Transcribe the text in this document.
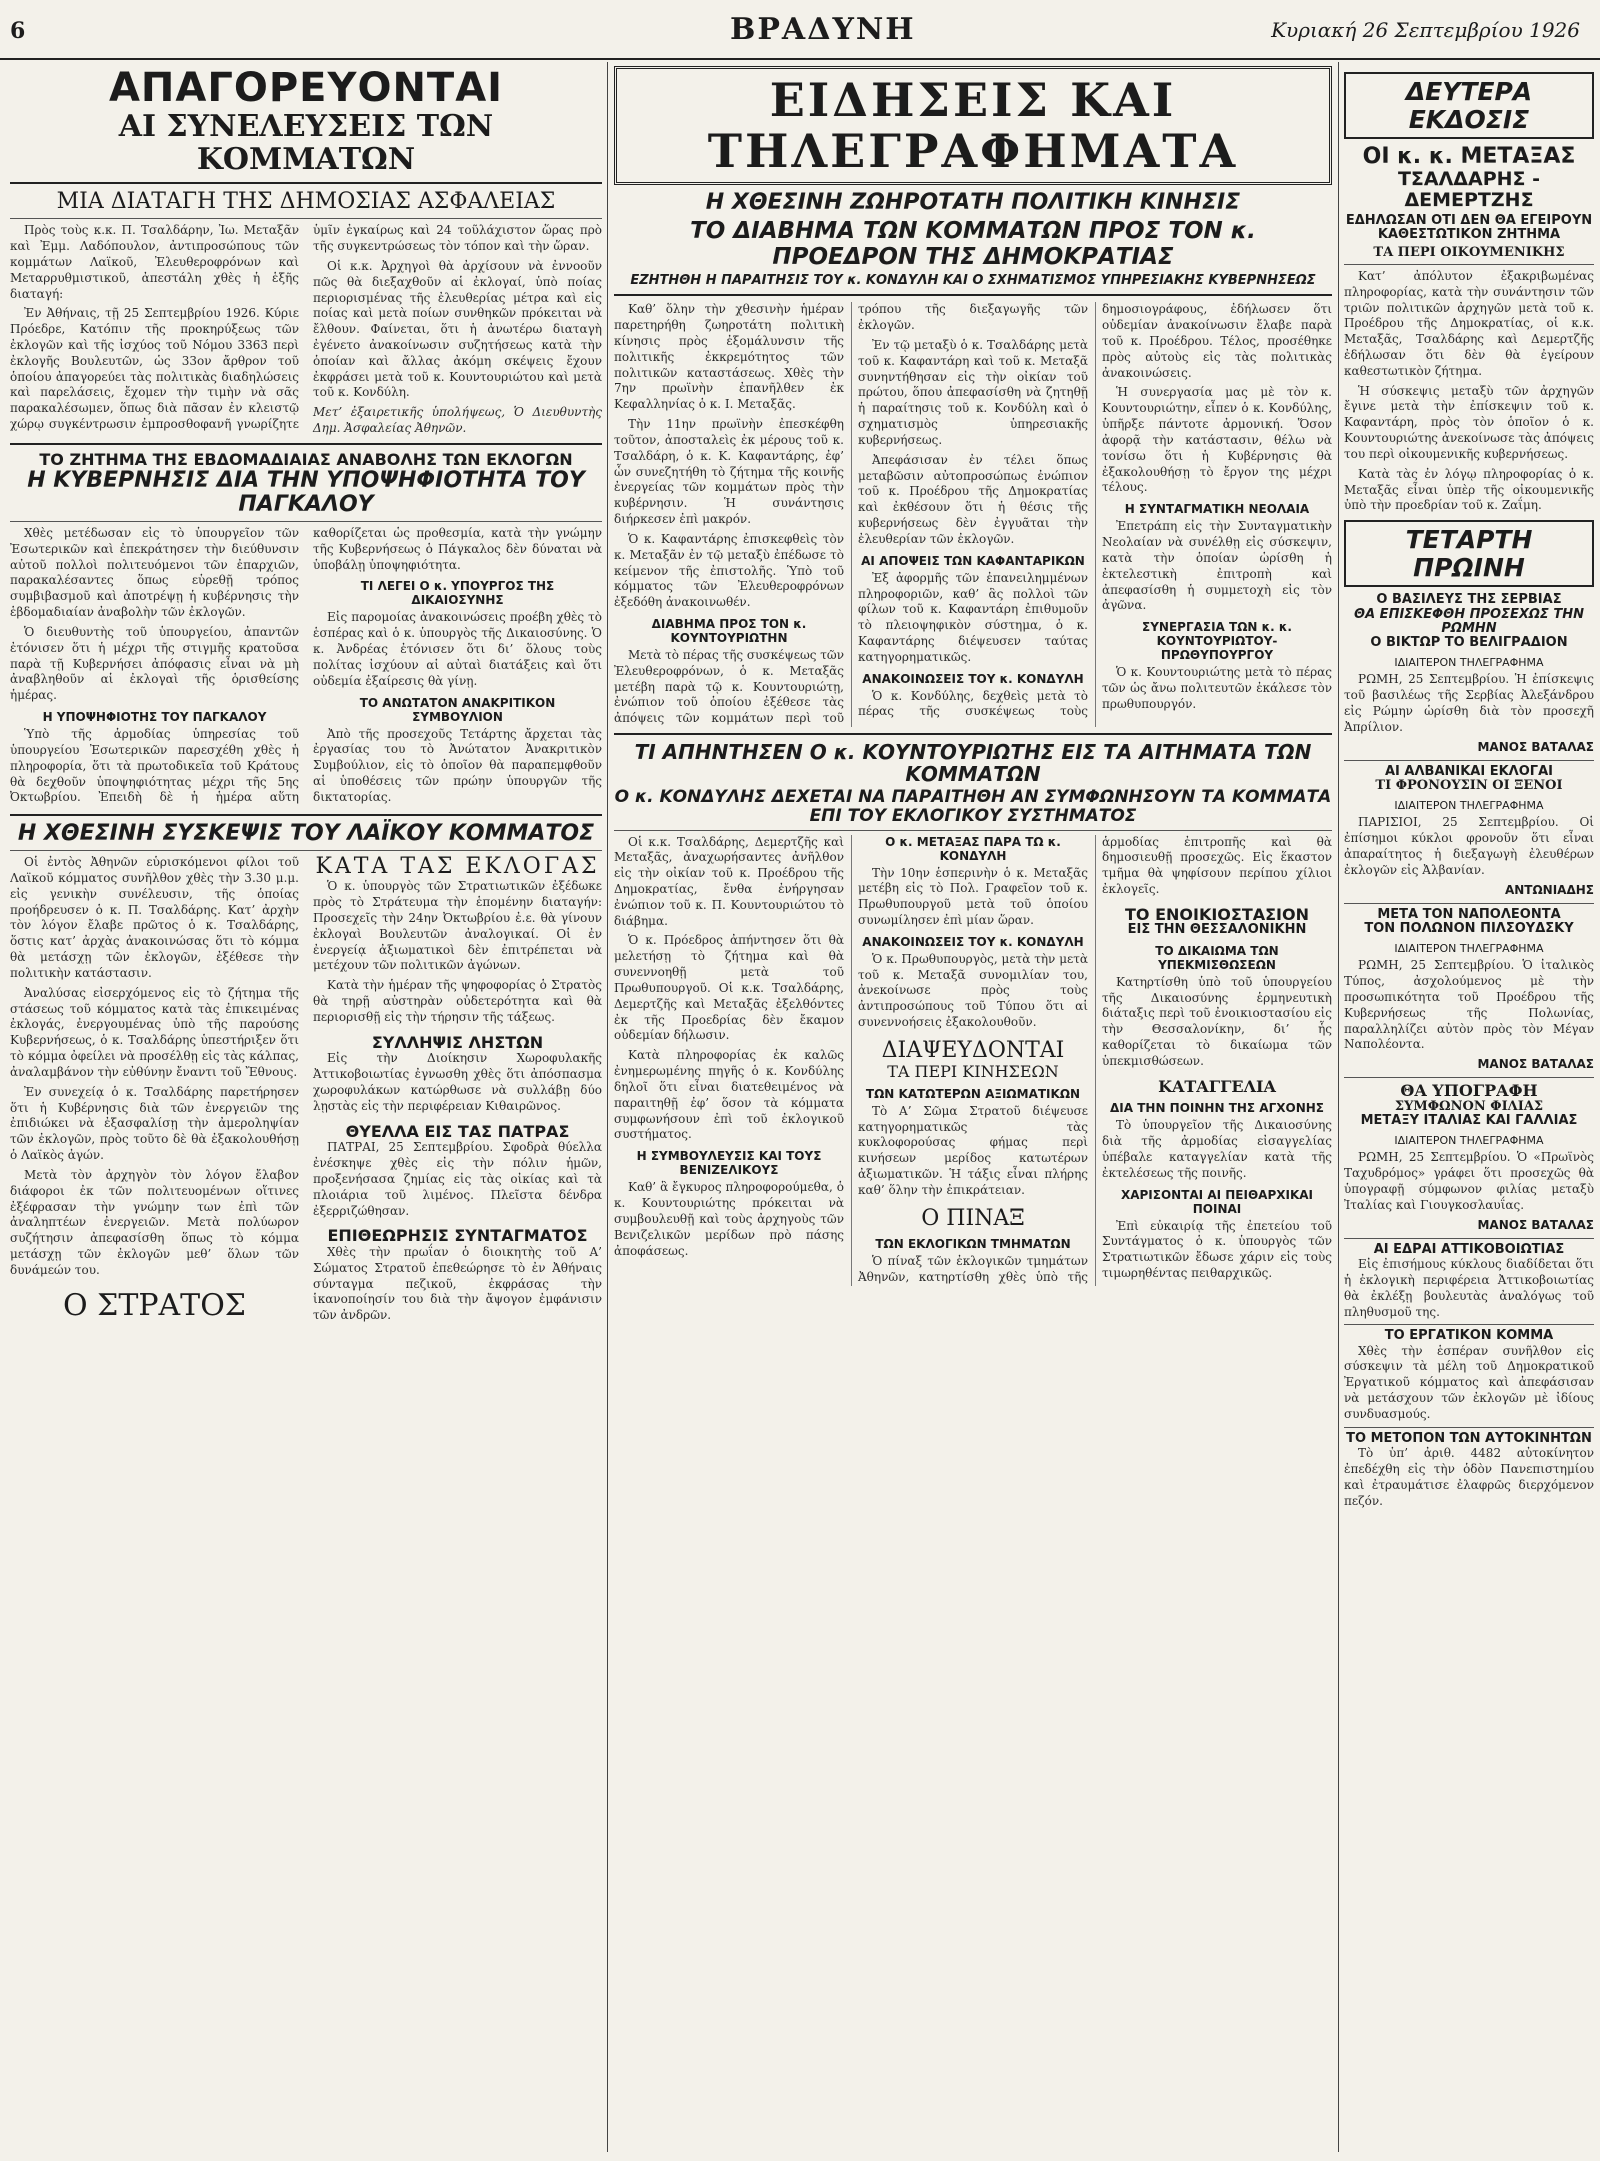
6	ΒΡΑΔΥΝΗ	Κυριακή 26 Σεπτεμβρίου 1926
ΑΠΑΓΟΡΕΥΟΝΤΑΙ
ΑΙ ΣΥΝΕΛΕΥΣΕΙΣ ΤΩΝ ΚΟΜΜΑΤΩΝ
ΜΙΑ ΔΙΑΤΑΓΗ ΤΗΣ ΔΗΜΟΣΙΑΣ ΑΣΦΑΛΕΙΑΣ

Πρὸς τοὺς κ.κ. Π. Τσαλδάρην, Ἰω. Μεταξᾶν καὶ Ἐμμ. Λαδόπουλον, ἀντιπροσώπους τῶν κομμάτων Λαϊκοῦ, Ἐλευθεροφρόνων καὶ Μεταρρυθμιστικοῦ, ἀπεστάλη χθὲς ἡ ἑξῆς διαταγή:

Ἐν Ἀθήναις, τῇ 25 Σεπτεμβρίου 1926. Κύριε Πρόεδρε, Κατόπιν τῆς προκηρύξεως τῶν ἐκλογῶν καὶ τῆς ἰσχύος τοῦ Νόμου 3363 περὶ ἐκλογῆς Βουλευτῶν, ὡς 33ον ἄρθρον τοῦ ὁποίου ἀπαγορεύει τὰς πολιτικὰς διαδηλώσεις καὶ παρελάσεις, ἔχομεν τὴν τιμὴν νὰ σᾶς παρακαλέσωμεν, ὅπως διὰ πᾶσαν ἐν κλειστῷ χώρῳ συγκέντρωσιν ἐμπροσθοφανῆ γνωρίζητε ὑμῖν ἐγκαίρως καὶ 24 τοῦλάχιστον ὥρας πρὸ τῆς συγκεντρώσεως τὸν τόπον καὶ τὴν ὥραν.

Οἱ κ.κ. Ἀρχηγοὶ θὰ ἀρχίσουν νὰ ἐννοοῦν πῶς θὰ διεξαχθοῦν αἱ ἐκλογαί, ὑπὸ ποίας περιορισμένας τῆς ἐλευθερίας μέτρα καὶ εἰς ποίας καὶ μετὰ ποίων συνθηκῶν πρόκειται νὰ ἔλθουν. Φαίνεται, ὅτι ἡ ἀνωτέρω διαταγὴ ἐγένετο ἀνακοίνωσιν συζητήσεως κατὰ τὴν ὁποίαν καὶ ἄλλας ἀκόμη σκέψεις ἔχουν ἐκφράσει μετὰ τοῦ κ. Κουντουριώτου καὶ μετὰ τοῦ κ. Κονδύλη.

Μετ’ ἐξαιρετικῆς ὑπολήψεως, Ὁ Διευθυντὴς Δημ. Ἀσφαλείας Ἀθηνῶν.

ΤΟ ΖΗΤΗΜΑ ΤΗΣ ΕΒΔΟΜΑΔΙΑΙΑΣ ΑΝΑΒΟΛΗΣ ΤΩΝ ΕΚΛΟΓΩΝ
Η ΚΥΒΕΡΝΗΣΙΣ ΔΙΑ ΤΗΝ ΥΠΟΨΗΦΙΟΤΗΤΑ ΤΟΥ ΠΑΓΚΑΛΟΥ

Χθὲς μετέδωσαν εἰς τὸ ὑπουργεῖον τῶν Ἐσωτερικῶν καὶ ἐπεκράτησεν τὴν διεύθυνσιν αὐτοῦ πολλοὶ πολιτευόμενοι τῶν ἐπαρχιῶν, παρακαλέσαντες ὅπως εὑρεθῇ τρόπος συμβιβασμοῦ καὶ ἀποτρέψῃ ἡ κυβέρνησις τὴν ἑβδομαδιαίαν ἀναβολὴν τῶν ἐκλογῶν.

Ὁ διευθυντὴς τοῦ ὑπουργείου, ἀπαντῶν ἐτόνισεν ὅτι ἡ μέχρι τῆς στιγμῆς κρατοῦσα παρὰ τῇ Κυβερνήσει ἀπόφασις εἶναι νὰ μὴ ἀναβληθοῦν αἱ ἐκλογαὶ τῆς ὁρισθείσης ἡμέρας.

Η ΥΠΟΨΗΦΙΟΤΗΣ ΤΟΥ ΠΑΓΚΑΛΟΥ

Ὑπὸ τῆς ἁρμοδίας ὑπηρεσίας τοῦ ὑπουργείου Ἐσωτερικῶν παρεσχέθη χθὲς ἡ πληροφορία, ὅτι τὰ πρωτοδικεῖα τοῦ Κράτους θὰ δεχθοῦν ὑποψηφιότητας μέχρι τῆς 5ης Ὀκτωβρίου. Ἐπειδὴ δὲ ἡ ἡμέρα αὕτη καθορίζεται ὡς προθεσμία, κατὰ τὴν γνώμην τῆς Κυβερνήσεως ὁ Πάγκαλος δὲν δύναται νὰ ὑποβάλῃ ὑποψηφιότητα.

ΤΙ ΛΕΓΕΙ Ο κ. ΥΠΟΥΡΓΟΣ ΤΗΣ ΔΙΚΑΙΟΣΥΝΗΣ

Εἰς παρομοίας ἀνακοινώσεις προέβη χθὲς τὸ ἑσπέρας καὶ ὁ κ. ὑπουργὸς τῆς Δικαιοσύνης. Ὁ κ. Ἀνδρέας ἐτόνισεν ὅτι δι’ ὅλους τοὺς πολίτας ἰσχύουν αἱ αὐταὶ διατάξεις καὶ ὅτι οὐδεμία ἐξαίρεσις θὰ γίνῃ.

ΤΟ ΑΝΩΤΑΤΟΝ ΑΝΑΚΡΙΤΙΚΟΝ ΣΥΜΒΟΥΛΙΟΝ

Ἀπὸ τῆς προσεχοῦς Τετάρτης ἄρχεται τὰς ἐργασίας του τὸ Ἀνώτατον Ἀνακριτικὸν Συμβούλιον, εἰς τὸ ὁποῖον θὰ παραπεμφθοῦν αἱ ὑποθέσεις τῶν πρώην ὑπουργῶν τῆς δικτατορίας.

Η ΧΘΕΣΙΝΗ ΣΥΣΚΕΨΙΣ ΤΟΥ ΛΑΪΚΟΥ ΚΟΜΜΑΤΟΣ

Οἱ ἐντὸς Ἀθηνῶν εὑρισκόμενοι φίλοι τοῦ Λαϊκοῦ κόμματος συνῆλθον χθὲς τὴν 3.30 μ.μ. εἰς γενικὴν συνέλευσιν, τῆς ὁποίας προήδρευσεν ὁ κ. Π. Τσαλδάρης. Κατ’ ἀρχὴν τὸν λόγον ἔλαβε πρῶτος ὁ κ. Τσαλδάρης, ὅστις κατ’ ἀρχὰς ἀνακοινώσας ὅτι τὸ κόμμα θὰ μετάσχῃ τῶν ἐκλογῶν, ἐξέθεσε τὴν πολιτικὴν κατάστασιν.

Ἀναλύσας εἰσερχόμενος εἰς τὸ ζήτημα τῆς στάσεως τοῦ κόμματος κατὰ τὰς ἐπικειμένας ἐκλογάς, ἐνεργουμένας ὑπὸ τῆς παρούσης Κυβερνήσεως, ὁ κ. Τσαλδάρης ὑπεστήριξεν ὅτι τὸ κόμμα ὀφείλει νὰ προσέλθῃ εἰς τὰς κάλπας, ἀναλαμβάνον τὴν εὐθύνην ἔναντι τοῦ Ἔθνους.

Ἐν συνεχείᾳ ὁ κ. Τσαλδάρης παρετήρησεν ὅτι ἡ Κυβέρνησις διὰ τῶν ἐνεργειῶν της ἐπιδιώκει νὰ ἐξασφαλίσῃ τὴν ἀμεροληψίαν τῶν ἐκλογῶν, πρὸς τοῦτο δὲ θὰ ἐξακολουθήσῃ ὁ Λαϊκὸς ἀγών.

Μετὰ τὸν ἀρχηγὸν τὸν λόγον ἔλαβον διάφοροι ἐκ τῶν πολιτευομένων οἵτινες ἐξέφρασαν τὴν γνώμην των ἐπὶ τῶν ἀναληπτέων ἐνεργειῶν. Μετὰ πολύωρον συζήτησιν ἀπεφασίσθη ὅπως τὸ κόμμα μετάσχῃ τῶν ἐκλογῶν μεθ’ ὅλων τῶν δυνάμεών του.

Ο ΣΤΡΑΤΟΣ
ΚΑΤΑ ΤΑΣ ΕΚΛΟΓΑΣ

Ὁ κ. ὑπουργὸς τῶν Στρατιωτικῶν ἐξέδωκε πρὸς τὸ Στράτευμα τὴν ἑπομένην διαταγήν: Προσεχεῖς τὴν 24ην Ὀκτωβρίου ἐ.ε. θὰ γίνουν ἐκλογαὶ Βουλευτῶν ἀναλογικαί. Οἱ ἐν ἐνεργείᾳ ἀξιωματικοὶ δὲν ἐπιτρέπεται νὰ μετέχουν τῶν πολιτικῶν ἀγώνων.

Κατὰ τὴν ἡμέραν τῆς ψηφοφορίας ὁ Στρατὸς θὰ τηρῇ αὐστηρὰν οὐδετερότητα καὶ θὰ περιορισθῇ εἰς τὴν τήρησιν τῆς τάξεως.

ΣΥΛΛΗΨΙΣ ΛΗΣΤΩΝ

Εἰς τὴν Διοίκησιν Χωροφυλακῆς Ἀττικοβοιωτίας ἐγνωσθη χθὲς ὅτι ἀπόσπασμα χωροφυλάκων κατώρθωσε νὰ συλλάβῃ δύο λῃστὰς εἰς τὴν περιφέρειαν Κιθαιρῶνος.

ΘΥΕΛΛΑ ΕΙΣ ΤΑΣ ΠΑΤΡΑΣ

ΠΑΤΡΑΙ, 25 Σεπτεμβρίου. Σφοδρὰ θύελλα ἐνέσκηψε χθὲς εἰς τὴν πόλιν ἡμῶν, προξενήσασα ζημίας εἰς τὰς οἰκίας καὶ τὰ πλοιάρια τοῦ λιμένος. Πλεῖστα δένδρα ἐξερριζώθησαν.

ΕΠΙΘΕΩΡΗΣΙΣ ΣΥΝΤΑΓΜΑΤΟΣ

Χθὲς τὴν πρωΐαν ὁ διοικητὴς τοῦ Α’ Σώματος Στρατοῦ ἐπεθεώρησε τὸ ἐν Ἀθήναις σύνταγμα πεζικοῦ, ἐκφράσας τὴν ἱκανοποίησίν του διὰ τὴν ἄψογον ἐμφάνισιν τῶν ἀνδρῶν.

ΕΙΔΗΣΕΙΣ ΚΑΙ ΤΗΛΕΓΡΑΦΗΜΑΤΑ
Η ΧΘΕΣΙΝΗ ΖΩΗΡΟΤΑΤΗ ΠΟΛΙΤΙΚΗ ΚΙΝΗΣΙΣ
ΤΟ ΔΙΑΒΗΜΑ ΤΩΝ ΚΟΜΜΑΤΩΝ ΠΡΟΣ ΤΟΝ κ. ΠΡΟΕΔΡΟΝ ΤΗΣ ΔΗΜΟΚΡΑΤΙΑΣ
ΕΖΗΤΗΘΗ Η ΠΑΡΑΙΤΗΣΙΣ ΤΟΥ κ. ΚΟΝΔΥΛΗ ΚΑΙ Ο ΣΧΗΜΑΤΙΣΜΟΣ ΥΠΗΡΕΣΙΑΚΗΣ ΚΥΒΕΡΝΗΣΕΩΣ

Καθ’ ὅλην τὴν χθεσινὴν ἡμέραν παρετηρήθη ζωηροτάτη πολιτικὴ κίνησις πρὸς ἐξομάλυνσιν τῆς πολιτικῆς ἐκκρεμότητος τῶν πολιτικῶν καταστάσεως. Χθὲς τὴν 7ην πρωϊνὴν ἐπανῆλθεν ἐκ Κεφαλληνίας ὁ κ. Ι. Μεταξᾶς.

Τὴν 11ην πρωϊνὴν ἐπεσκέφθη τοῦτον, ἀποσταλεὶς ἐκ μέρους τοῦ κ. Τσαλδάρη, ὁ κ. Κ. Καφαντάρης, ἐφ’ ὧν συνεζητήθη τὸ ζήτημα τῆς κοινῆς ἐνεργείας τῶν κομμάτων πρὸς τὴν κυβέρνησιν. Ἡ συνάντησις διήρκεσεν ἐπὶ μακρόν.

Ὁ κ. Καφαντάρης ἐπισκεφθεὶς τὸν κ. Μεταξᾶν ἐν τῷ μεταξὺ ἐπέδωσε τὸ κείμενον τῆς ἐπιστολῆς. Ὑπὸ τοῦ κόμματος τῶν Ἐλευθεροφρόνων ἐξεδόθη ἀνακοινωθέν.

ΔΙΑΒΗΜΑ ΠΡΟΣ ΤΟΝ κ. ΚΟΥΝΤΟΥΡΙΩΤΗΝ

Μετὰ τὸ πέρας τῆς συσκέψεως τῶν Ἐλευθεροφρόνων, ὁ κ. Μεταξᾶς μετέβη παρὰ τῷ κ. Κουντουριώτῃ, ἐνώπιον τοῦ ὁποίου ἐξέθεσε τὰς ἀπόψεις τῶν κομμάτων περὶ τοῦ τρόπου τῆς διεξαγωγῆς τῶν ἐκλογῶν.

Ἐν τῷ μεταξὺ ὁ κ. Τσαλδάρης μετὰ τοῦ κ. Καφαντάρη καὶ τοῦ κ. Μεταξᾶ συνηντήθησαν εἰς τὴν οἰκίαν τοῦ πρώτου, ὅπου ἀπεφασίσθη νὰ ζητηθῇ ἡ παραίτησις τοῦ κ. Κονδύλη καὶ ὁ σχηματισμὸς ὑπηρεσιακῆς κυβερνήσεως.

Ἀπεφάσισαν ἐν τέλει ὅπως μεταβῶσιν αὐτοπροσώπως ἐνώπιον τοῦ κ. Προέδρου τῆς Δημοκρατίας καὶ ἐκθέσουν ὅτι ἡ θέσις τῆς κυβερνήσεως δὲν ἐγγυᾶται τὴν ἐλευθερίαν τῶν ἐκλογῶν.

ΑΙ ΑΠΟΨΕΙΣ ΤΩΝ ΚΑΦΑΝΤΑΡΙΚΩΝ

Ἐξ ἀφορμῆς τῶν ἐπανειλημμένων πληροφοριῶν, καθ’ ἃς πολλοὶ τῶν φίλων τοῦ κ. Καφαντάρη ἐπιθυμοῦν τὸ πλειοψηφικὸν σύστημα, ὁ κ. Καφαντάρης διέψευσεν ταύτας κατηγορηματικῶς.

ΑΝΑΚΟΙΝΩΣΕΙΣ ΤΟΥ κ. ΚΟΝΔΥΛΗ

Ὁ κ. Κονδύλης, δεχθεὶς μετὰ τὸ πέρας τῆς συσκέψεως τοὺς δημοσιογράφους, ἐδήλωσεν ὅτι οὐδεμίαν ἀνακοίνωσιν ἔλαβε παρὰ τοῦ κ. Προέδρου. Τέλος, προσέθηκε πρὸς αὐτοὺς εἰς τὰς πολιτικὰς ἀνακοινώσεις.

Ἡ συνεργασία μας μὲ τὸν κ. Κουντουριώτην, εἶπεν ὁ κ. Κονδύλης, ὑπῆρξε πάντοτε ἀρμονική. Ὅσον ἀφορᾷ τὴν κατάστασιν, θέλω νὰ τονίσω ὅτι ἡ Κυβέρνησις θὰ ἐξακολουθήσῃ τὸ ἔργον της μέχρι τέλους.

Η ΣΥΝΤΑΓΜΑΤΙΚΗ ΝΕΟΛΑΙΑ

Ἐπετράπη εἰς τὴν Συνταγματικὴν Νεολαίαν νὰ συνέλθῃ εἰς σύσκεψιν, κατὰ τὴν ὁποίαν ὡρίσθη ἡ ἐκτελεστικὴ ἐπιτροπὴ καὶ ἀπεφασίσθη ἡ συμμετοχὴ εἰς τὸν ἀγῶνα.

ΣΥΝΕΡΓΑΣΙΑ ΤΩΝ κ. κ. ΚΟΥΝΤΟΥΡΙΩΤΟΥ-ΠΡΩΘΥΠΟΥΡΓΟΥ

Ὁ κ. Κουντουριώτης μετὰ τὸ πέρας τῶν ὡς ἄνω πολιτευτῶν ἐκάλεσε τὸν πρωθυπουργόν.

ΤΙ ΑΠΗΝΤΗΣΕΝ Ο κ. ΚΟΥΝΤΟΥΡΙΩΤΗΣ ΕΙΣ ΤΑ ΑΙΤΗΜΑΤΑ ΤΩΝ ΚΟΜΜΑΤΩΝ
Ο κ. ΚΟΝΔΥΛΗΣ ΔΕΧΕΤΑΙ ΝΑ ΠΑΡΑΙΤΗΘΗ ΑΝ ΣΥΜΦΩΝΗΣΟΥΝ ΤΑ ΚΟΜΜΑΤΑ ΕΠΙ ΤΟΥ ΕΚΛΟΓΙΚΟΥ ΣΥΣΤΗΜΑΤΟΣ

Οἱ κ.κ. Τσαλδάρης, Δεμερτζῆς καὶ Μεταξᾶς, ἀναχωρήσαντες ἀνῆλθον εἰς τὴν οἰκίαν τοῦ κ. Προέδρου τῆς Δημοκρατίας, ἔνθα ἐνήργησαν ἐνώπιον τοῦ κ. Π. Κουντουριώτου τὸ διάβημα.

Ὁ κ. Πρόεδρος ἀπήντησεν ὅτι θὰ μελετήσῃ τὸ ζήτημα καὶ θὰ συνεννοηθῇ μετὰ τοῦ Πρωθυπουργοῦ. Οἱ κ.κ. Τσαλδάρης, Δεμερτζῆς καὶ Μεταξᾶς ἐξελθόντες ἐκ τῆς Προεδρίας δὲν ἔκαμον οὐδεμίαν δήλωσιν.

Κατὰ πληροφορίας ἐκ καλῶς ἐνημερωμένης πηγῆς ὁ κ. Κονδύλης δηλοῖ ὅτι εἶναι διατεθειμένος νὰ παραιτηθῇ ἐφ’ ὅσον τὰ κόμματα συμφωνήσουν ἐπὶ τοῦ ἐκλογικοῦ συστήματος.

Η ΣΥΜΒΟΥΛΕΥΣΙΣ ΚΑΙ ΤΟΥΣ ΒΕΝΙΖΕΛΙΚΟΥΣ

Καθ’ ἃ ἔγκυρος πληροφορούμεθα, ὁ κ. Κουντουριώτης πρόκειται νὰ συμβουλευθῇ καὶ τοὺς ἀρχηγοὺς τῶν Βενιζελικῶν μερίδων πρὸ πάσης ἀποφάσεως.

Ο κ. ΜΕΤΑΞΑΣ ΠΑΡΑ ΤΩ κ. ΚΟΝΔΥΛΗ

Τὴν 10ην ἑσπερινὴν ὁ κ. Μεταξᾶς μετέβη εἰς τὸ Πολ. Γραφεῖον τοῦ κ. Πρωθυπουργοῦ μετὰ τοῦ ὁποίου συνωμίλησεν ἐπὶ μίαν ὥραν.

ΑΝΑΚΟΙΝΩΣΕΙΣ ΤΟΥ κ. ΚΟΝΔΥΛΗ

Ὁ κ. Πρωθυπουργὸς, μετὰ τὴν μετὰ τοῦ κ. Μεταξᾶ συνομιλίαν του, ἀνεκοίνωσε πρὸς τοὺς ἀντιπροσώπους τοῦ Τύπου ὅτι αἱ συνεννοήσεις ἐξακολουθοῦν.

ΔΙΑΨΕΥΔΟΝΤΑΙ
ΤΑ ΠΕΡΙ ΚΙΝΗΣΕΩΝ
ΤΩΝ ΚΑΤΩΤΕΡΩΝ ΑΞΙΩΜΑΤΙΚΩΝ

Τὸ Α’ Σῶμα Στρατοῦ διέψευσε κατηγορηματικῶς τὰς κυκλοφορούσας φήμας περὶ κινήσεων μερίδος κατωτέρων ἀξιωματικῶν. Ἡ τάξις εἶναι πλήρης καθ’ ὅλην τὴν ἐπικράτειαν.

Ο ΠΙΝΑΞ
ΤΩΝ ΕΚΛΟΓΙΚΩΝ ΤΜΗΜΑΤΩΝ

Ὁ πίναξ τῶν ἐκλογικῶν τμημάτων Ἀθηνῶν, κατηρτίσθη χθὲς ὑπὸ τῆς ἁρμοδίας ἐπιτροπῆς καὶ θὰ δημοσιευθῇ προσεχῶς. Εἰς ἕκαστον τμῆμα θὰ ψηφίσουν περίπου χίλιοι ἐκλογεῖς.

ΤΟ ΕΝΟΙΚΙΟΣΤΑΣΙΟΝ
ΕΙΣ ΤΗΝ ΘΕΣΣΑΛΟΝΙΚΗΝ
ΤΟ ΔΙΚΑΙΩΜΑ ΤΩΝ ΥΠΕΚΜΙΣΘΩΣΕΩΝ

Κατηρτίσθη ὑπὸ τοῦ ὑπουργείου τῆς Δικαιοσύνης ἑρμηνευτικὴ διάταξις περὶ τοῦ ἐνοικιοστασίου εἰς τὴν Θεσσαλονίκην, δι’ ἧς καθορίζεται τὸ δικαίωμα τῶν ὑπεκμισθώσεων.

ΚΑΤΑΓΓΕΛΙΑ
ΔΙΑ ΤΗΝ ΠΟΙΝΗΝ ΤΗΣ ΑΓΧΟΝΗΣ

Τὸ ὑπουργεῖον τῆς Δικαιοσύνης διὰ τῆς ἀρμοδίας εἰσαγγελίας ὑπέβαλε καταγγελίαν κατὰ τῆς ἐκτελέσεως τῆς ποινῆς.

ΧΑΡΙΣΟΝΤΑΙ ΑΙ ΠΕΙΘΑΡΧΙΚΑΙ ΠΟΙΝΑΙ

Ἐπὶ εὐκαιρίᾳ τῆς ἐπετείου τοῦ Συντάγματος ὁ κ. ὑπουργὸς τῶν Στρατιωτικῶν ἔδωσε χάριν εἰς τοὺς τιμωρηθέντας πειθαρχικῶς.

ΔΕΥΤΕΡΑ ΕΚΔΟΣΙΣ
ΟΙ κ. κ. ΜΕΤΑΞΑΣ
ΤΣΑΛΔΑΡΗΣ - ΔΕΜΕΡΤΖΗΣ
ΕΔΗΛΩΣΑΝ ΟΤΙ ΔΕΝ ΘΑ ΕΓΕΙΡΟΥΝ ΚΑΘΕΣΤΩΤΙΚΟΝ ΖΗΤΗΜΑ
ΤΑ ΠΕΡΙ ΟΙΚΟΥΜΕΝΙΚΗΣ

Κατ’ ἀπόλυτον ἐξακριβωμένας πληροφορίας, κατὰ τὴν συνάντησιν τῶν τριῶν πολιτικῶν ἀρχηγῶν μετὰ τοῦ κ. Προέδρου τῆς Δημοκρατίας, οἱ κ.κ. Μεταξᾶς, Τσαλδάρης καὶ Δεμερτζῆς ἐδήλωσαν ὅτι δὲν θὰ ἐγείρουν καθεστωτικὸν ζήτημα.

Ἡ σύσκεψις μεταξὺ τῶν ἀρχηγῶν ἔγινε μετὰ τὴν ἐπίσκεψιν τοῦ κ. Καφαντάρη, πρὸς τὸν ὁποῖον ὁ κ. Κουντουριώτης ἀνεκοίνωσε τὰς ἀπόψεις του περὶ οἰκουμενικῆς κυβερνήσεως.

Κατὰ τὰς ἐν λόγῳ πληροφορίας ὁ κ. Μεταξᾶς εἶναι ὑπὲρ τῆς οἰκουμενικῆς ὑπὸ τὴν προεδρίαν τοῦ κ. Ζαΐμη.

ΤΕΤΑΡΤΗ ΠΡΩΙΝΗ
Ο ΒΑΣΙΛΕΥΣ ΤΗΣ ΣΕΡΒΙΑΣ
ΘΑ ΕΠΙΣΚΕΦΘΗ ΠΡΟΣΕΧΩΣ ΤΗΝ ΡΩΜΗΝ
Ο ΒΙΚΤΩΡ ΤΟ ΒΕΛΙΓΡΑΔΙΟΝ
ΙΔΙΑΙΤΕΡΟΝ ΤΗΛΕΓΡΑΦΗΜΑ

ΡΩΜΗ, 25 Σεπτεμβρίου. Ἡ ἐπίσκεψις τοῦ βασιλέως τῆς Σερβίας Ἀλεξάνδρου εἰς Ρώμην ὡρίσθη διὰ τὸν προσεχῆ Ἀπρίλιον.

ΜΑΝΟΣ ΒΑΤΑΛΑΣ
ΑΙ ΑΛΒΑΝΙΚΑΙ ΕΚΛΟΓΑΙ
ΤΙ ΦΡΟΝΟΥΣΙΝ ΟΙ ΞΕΝΟΙ
ΙΔΙΑΙΤΕΡΟΝ ΤΗΛΕΓΡΑΦΗΜΑ

ΠΑΡΙΣΙΟΙ, 25 Σεπτεμβρίου. Οἱ ἐπίσημοι κύκλοι φρονοῦν ὅτι εἶναι ἀπαραίτητος ἡ διεξαγωγὴ ἐλευθέρων ἐκλογῶν εἰς Ἀλβανίαν.

ΑΝΤΩΝΙΑΔΗΣ
ΜΕΤΑ ΤΟΝ ΝΑΠΟΛΕΟΝΤΑ
ΤΟΝ ΠΟΛΩΝΟΝ ΠΙΛΣΟΥΔΣΚΥ
ΙΔΙΑΙΤΕΡΟΝ ΤΗΛΕΓΡΑΦΗΜΑ

ΡΩΜΗ, 25 Σεπτεμβρίου. Ὁ ἰταλικὸς Τύπος, ἀσχολούμενος μὲ τὴν προσωπικότητα τοῦ Προέδρου τῆς Κυβερνήσεως τῆς Πολωνίας, παραλληλίζει αὐτὸν πρὸς τὸν Μέγαν Ναπολέοντα.

ΜΑΝΟΣ ΒΑΤΑΛΑΣ
ΘΑ ΥΠΟΓΡΑΦΗ
ΣΥΜΦΩΝΟΝ ΦΙΛΙΑΣ
ΜΕΤΑΞΥ ΙΤΑΛΙΑΣ ΚΑΙ ΓΑΛΛΙΑΣ
ΙΔΙΑΙΤΕΡΟΝ ΤΗΛΕΓΡΑΦΗΜΑ

ΡΩΜΗ, 25 Σεπτεμβρίου. Ὁ «Πρωϊνὸς Ταχυδρόμος» γράφει ὅτι προσεχῶς θὰ ὑπογραφῇ σύμφωνον φιλίας μεταξὺ Ἰταλίας καὶ Γιουγκοσλαυΐας.

ΜΑΝΟΣ ΒΑΤΑΛΑΣ
ΑΙ ΕΔΡΑΙ ΑΤΤΙΚΟΒΟΙΩΤΙΑΣ

Εἰς ἐπισήμους κύκλους διαδίδεται ὅτι ἡ ἐκλογικὴ περιφέρεια Ἀττικοβοιωτίας θὰ ἐκλέξῃ βουλευτὰς ἀναλόγως τοῦ πληθυσμοῦ της.

ΤΟ ΕΡΓΑΤΙΚΟΝ ΚΟΜΜΑ

Χθὲς τὴν ἑσπέραν συνῆλθον εἰς σύσκεψιν τὰ μέλη τοῦ Δημοκρατικοῦ Ἐργατικοῦ κόμματος καὶ ἀπεφάσισαν νὰ μετάσχουν τῶν ἐκλογῶν μὲ ἰδίους συνδυασμούς.

ΤΟ ΜΕΤΟΠΟΝ ΤΩΝ ΑΥΤΟΚΙΝΗΤΩΝ

Τὸ ὑπ’ ἀριθ. 4482 αὐτοκίνητον ἐπεδέχθη εἰς τὴν ὁδὸν Πανεπιστημίου καὶ ἐτραυμάτισε ἐλαφρῶς διερχόμενον πεζόν.
